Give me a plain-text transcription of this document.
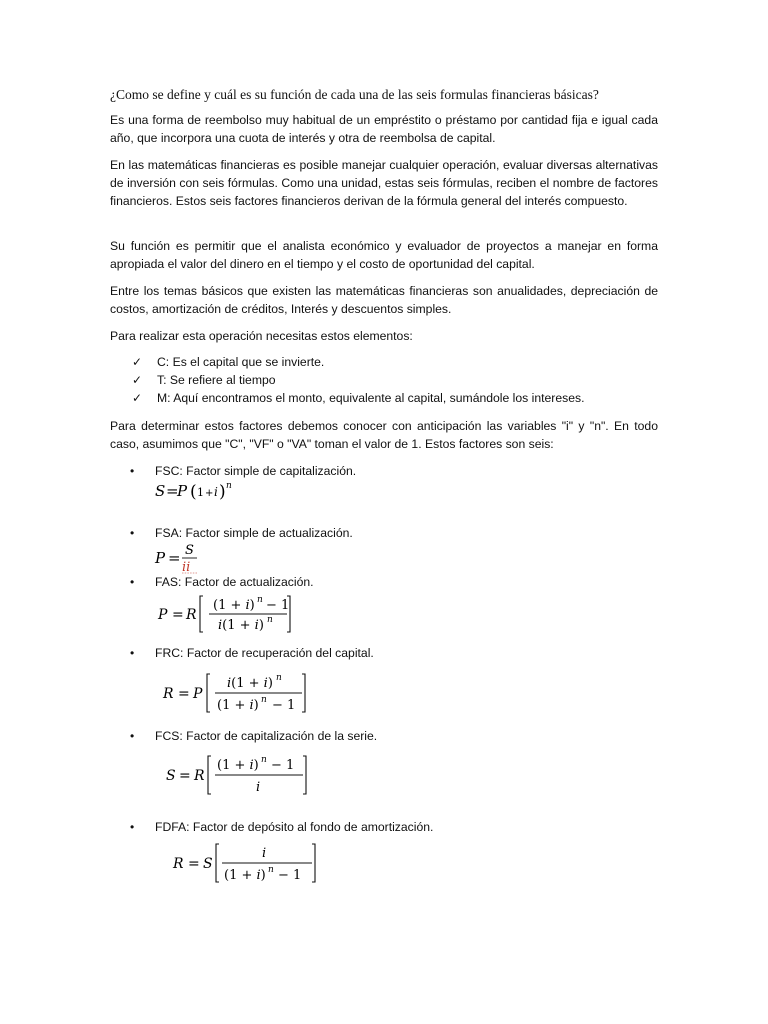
¿Como se define y cuál es su función de cada una de las seis formulas financieras básicas?
Es una forma de reembolso muy habitual de un empréstito o préstamo por cantidad fija e igual cada año, que incorpora una cuota de interés y otra de reembolsa de capital.
En las matemáticas financieras es posible manejar cualquier operación, evaluar diversas alternativas de inversión con seis fórmulas. Como una unidad, estas seis fórmulas, reciben el nombre de factores financieros. Estos seis factores financieros derivan de la fórmula general del interés compuesto.
Su función es permitir que el analista económico y evaluador de proyectos a manejar en forma apropiada el valor del dinero en el tiempo y el costo de oportunidad del capital.
Entre los temas básicos que existen las matemáticas financieras son anualidades, depreciación de costos, amortización de créditos, Interés y descuentos simples.
Para realizar esta operación necesitas estos elementos:
✓	C: Es el capital que se invierte.
✓	T: Se refiere al tiempo
✓	M: Aquí encontramos el monto, equivalente al capital, sumándole los intereses.
Para determinar estos factores debemos conocer con anticipación las variables "i" y "n". En todo caso, asumimos que "C", "VF" o "VA" toman el valor de 1. Estos factores son seis:
• FSC: Factor simple de capitalización.
S =
P ( 1 + i ) n
• FSA: Factor simple de actualización.
P = S
ii
• FAS: Factor de actualización.
P = R
(1 + i) n − 1
i(1 + i) n
• FRC: Factor de recuperación del capital.
R = P
i(1 + i) n
(1 + i) n − 1
• FCS: Factor de capitalización de la serie.
S = R
(1 + i) n − 1
i
• FDFA: Factor de depósito al fondo de amortización.
R = S
i
(1 + i) n − 1
